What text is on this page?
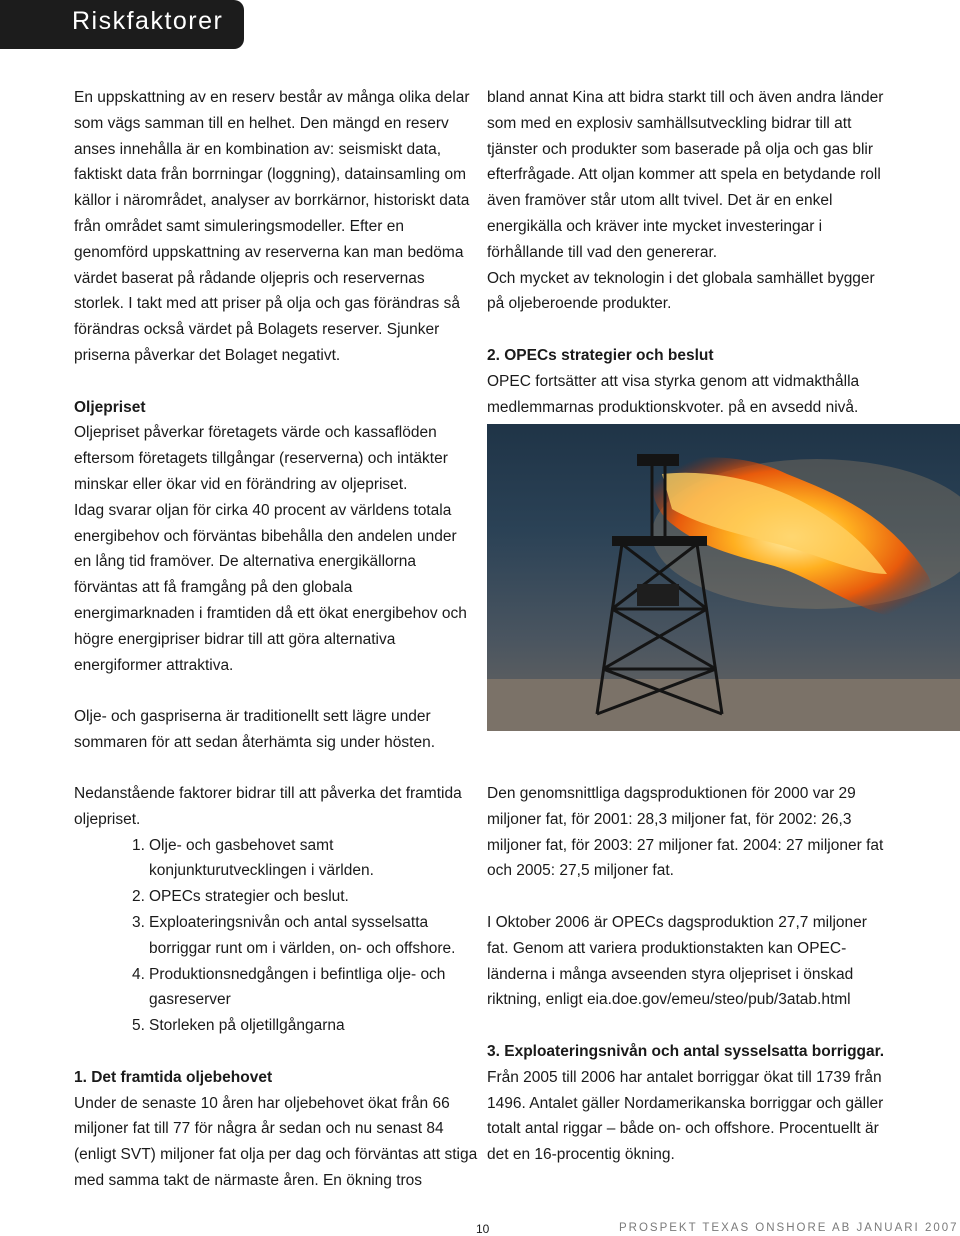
Riskfaktorer

En uppskattning av en reserv består av många olika delar som vägs samman till en helhet. Den mängd en reserv anses innehålla är en kombination av: seismiskt data, faktiskt data från borrningar (loggning), datainsamling om källor i närområdet, analyser av borrkärnor, historiskt data från området samt simuleringsmodeller. Efter en genomförd uppskattning av reserverna kan man bedöma värdet baserat på rådande oljepris och reservernas storlek. I takt med att priser på olja och gas förändras så förändras också värdet på Bolagets reserver. Sjunker priserna påverkar det Bolaget negativt.

Oljepriset

Oljepriset påverkar företagets värde och kassaflöden eftersom företagets tillgångar (reserverna) och intäkter minskar eller ökar vid en förändring av oljepriset.

Idag svarar oljan för cirka 40 procent av världens totala energibehov och förväntas bibehålla den andelen under en lång tid framöver. De alternativa energikällorna förväntas att få framgång på den globala energimarknaden i framtiden då ett ökat energibehov och högre energipriser bidrar till att göra alternativa energiformer attraktiva.

Olje- och gaspriserna är traditionellt sett lägre under sommaren för att sedan återhämta sig under hösten.

bland annat Kina att bidra starkt till och även andra länder som med en explosiv samhällsutveckling bidrar till att tjänster och produkter som baserade på olja och gas blir efterfrågade. Att oljan kommer att spela en betydande roll även framöver står utom allt tvivel. Det är en enkel energikälla och kräver inte mycket investeringar i förhållande till vad den genererar.

Och mycket av teknologin i det globala samhället bygger på oljeberoende produkter.

2. OPECs strategier och beslut

OPEC fortsätter att visa styrka genom att vidmakthålla medlemmarnas produktionskvoter. på en avsedd nivå.

Nedanstående faktorer bidrar till att påverka det framtida oljepriset.

1. Olje- och gasbehovet samt konjunkturutvecklingen i världen.
2. OPECs strategier och beslut.
3. Exploateringsnivån och antal sysselsatta borriggar runt om i världen, on- och offshore.
4. Produktionsnedgången i befintliga olje- och gasreserver
5. Storleken på oljetillgångarna
1. Det framtida oljebehovet

Under de senaste 10 åren har oljebehovet ökat från 66 miljoner fat till 77 för några år sedan och nu senast 84 (enligt SVT) miljoner fat olja per dag och förväntas att stiga med samma takt de närmaste åren. En ökning tros

Den genomsnittliga dagsproduktionen för 2000 var 29 miljoner fat, för 2001: 28,3 miljoner fat, för 2002: 26,3 miljoner fat, för 2003: 27 miljoner fat. 2004: 27 miljoner fat och 2005: 27,5 miljoner fat.

I Oktober 2006 är OPECs dagsproduktion 27,7 miljoner fat. Genom att variera produktionstakten kan OPEC-länderna i många avseenden styra oljepriset i önskad riktning, enligt eia.doe.gov/emeu/steo/pub/3atab.html

3. Exploateringsnivån och antal sysselsatta borriggar.

Från 2005 till 2006 har antalet borriggar ökat till 1739 från 1496. Antalet gäller Nordamerikanska borriggar och gäller totalt antal riggar – både on- och offshore. Procentuellt är det en 16-procentig ökning.

10	PROSPEKT TEXAS ONSHORE AB JANUARI 2007
